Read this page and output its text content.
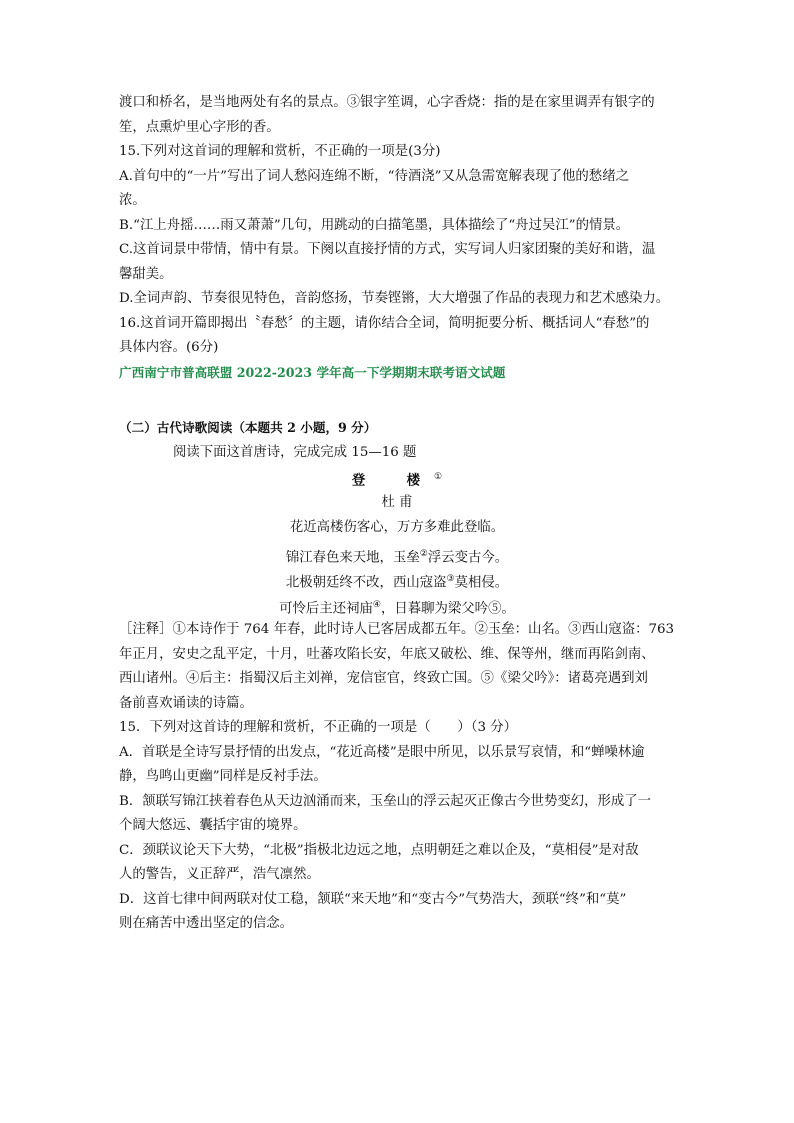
渡口和桥名，是当地两处有名的景点。③银字笙调，心字香烧：指的是在家里调弄有银字的
笙，点熏炉里心字形的香。
15.下列对这首词的理解和赏析，不正确的一项是(3分)
A.首句中的“一片”写出了词人愁闷连绵不断，“待酒浇”又从急需宽解表现了他的愁绪之
浓。
B.“江上舟摇……雨又萧萧”几句，用跳动的白描笔墨，具体描绘了“舟过吴江”的情景。
C.这首词景中带情，情中有景。下阕以直接抒情的方式，实写词人归家团聚的美好和谐，温
馨甜美。
D.全词声韵、节奏很见特色，音韵悠扬，节奏铿锵，大大增强了作品的表现力和艺术感染力。
16.这首词开篇即揭出〝春愁〞的主题，请你结合全词，简明扼要分析、概括词人“春愁”的
具体内容。(6分)
广西南宁市普高联盟 2022-2023 学年高一下学期期末联考语文试题
（二）古代诗歌阅读（本题共 2 小题，9 分）
阅读下面这首唐诗，完成完成 15—16 题
登　楼①
杜 甫
花近高楼伤客心，万方多难此登临。
锦江春色来天地，玉垒②浮云变古今。
北极朝廷终不改，西山寇盗③莫相侵。
可怜后主还祠庙④，日暮聊为梁父吟⑤。
［注释］①本诗作于 764 年春，此时诗人已客居成都五年。②玉垒：山名。③西山寇盗：763
年正月，安史之乱平定，十月，吐蕃攻陷长安，年底又破松、维、保等州，继而再陷剑南、
西山诸州。④后主：指蜀汉后主刘禅，宠信宦官，终致亡国。⑤《梁父吟》：诸葛亮遇到刘
备前喜欢诵读的诗篇。
15．下列对这首诗的理解和赏析，不正确的一项是（　　）（3 分）
A．首联是全诗写景抒情的出发点，“花近高楼”是眼中所见，以乐景写哀情，和“蝉噪林逾
静，鸟鸣山更幽”同样是反衬手法。
B．颔联写锦江挟着春色从天边汹涌而来，玉垒山的浮云起灭正像古今世势变幻，形成了一
个阔大悠远、囊括宇宙的境界。
C．颈联议论天下大势，“北极”指极北边远之地，点明朝廷之难以企及，“莫相侵”是对敌
人的警告，义正辞严，浩气凛然。
D．这首七律中间两联对仗工稳，颔联“来天地”和“变古今”气势浩大，颈联“终”和“莫”
则在痛苦中透出坚定的信念。
